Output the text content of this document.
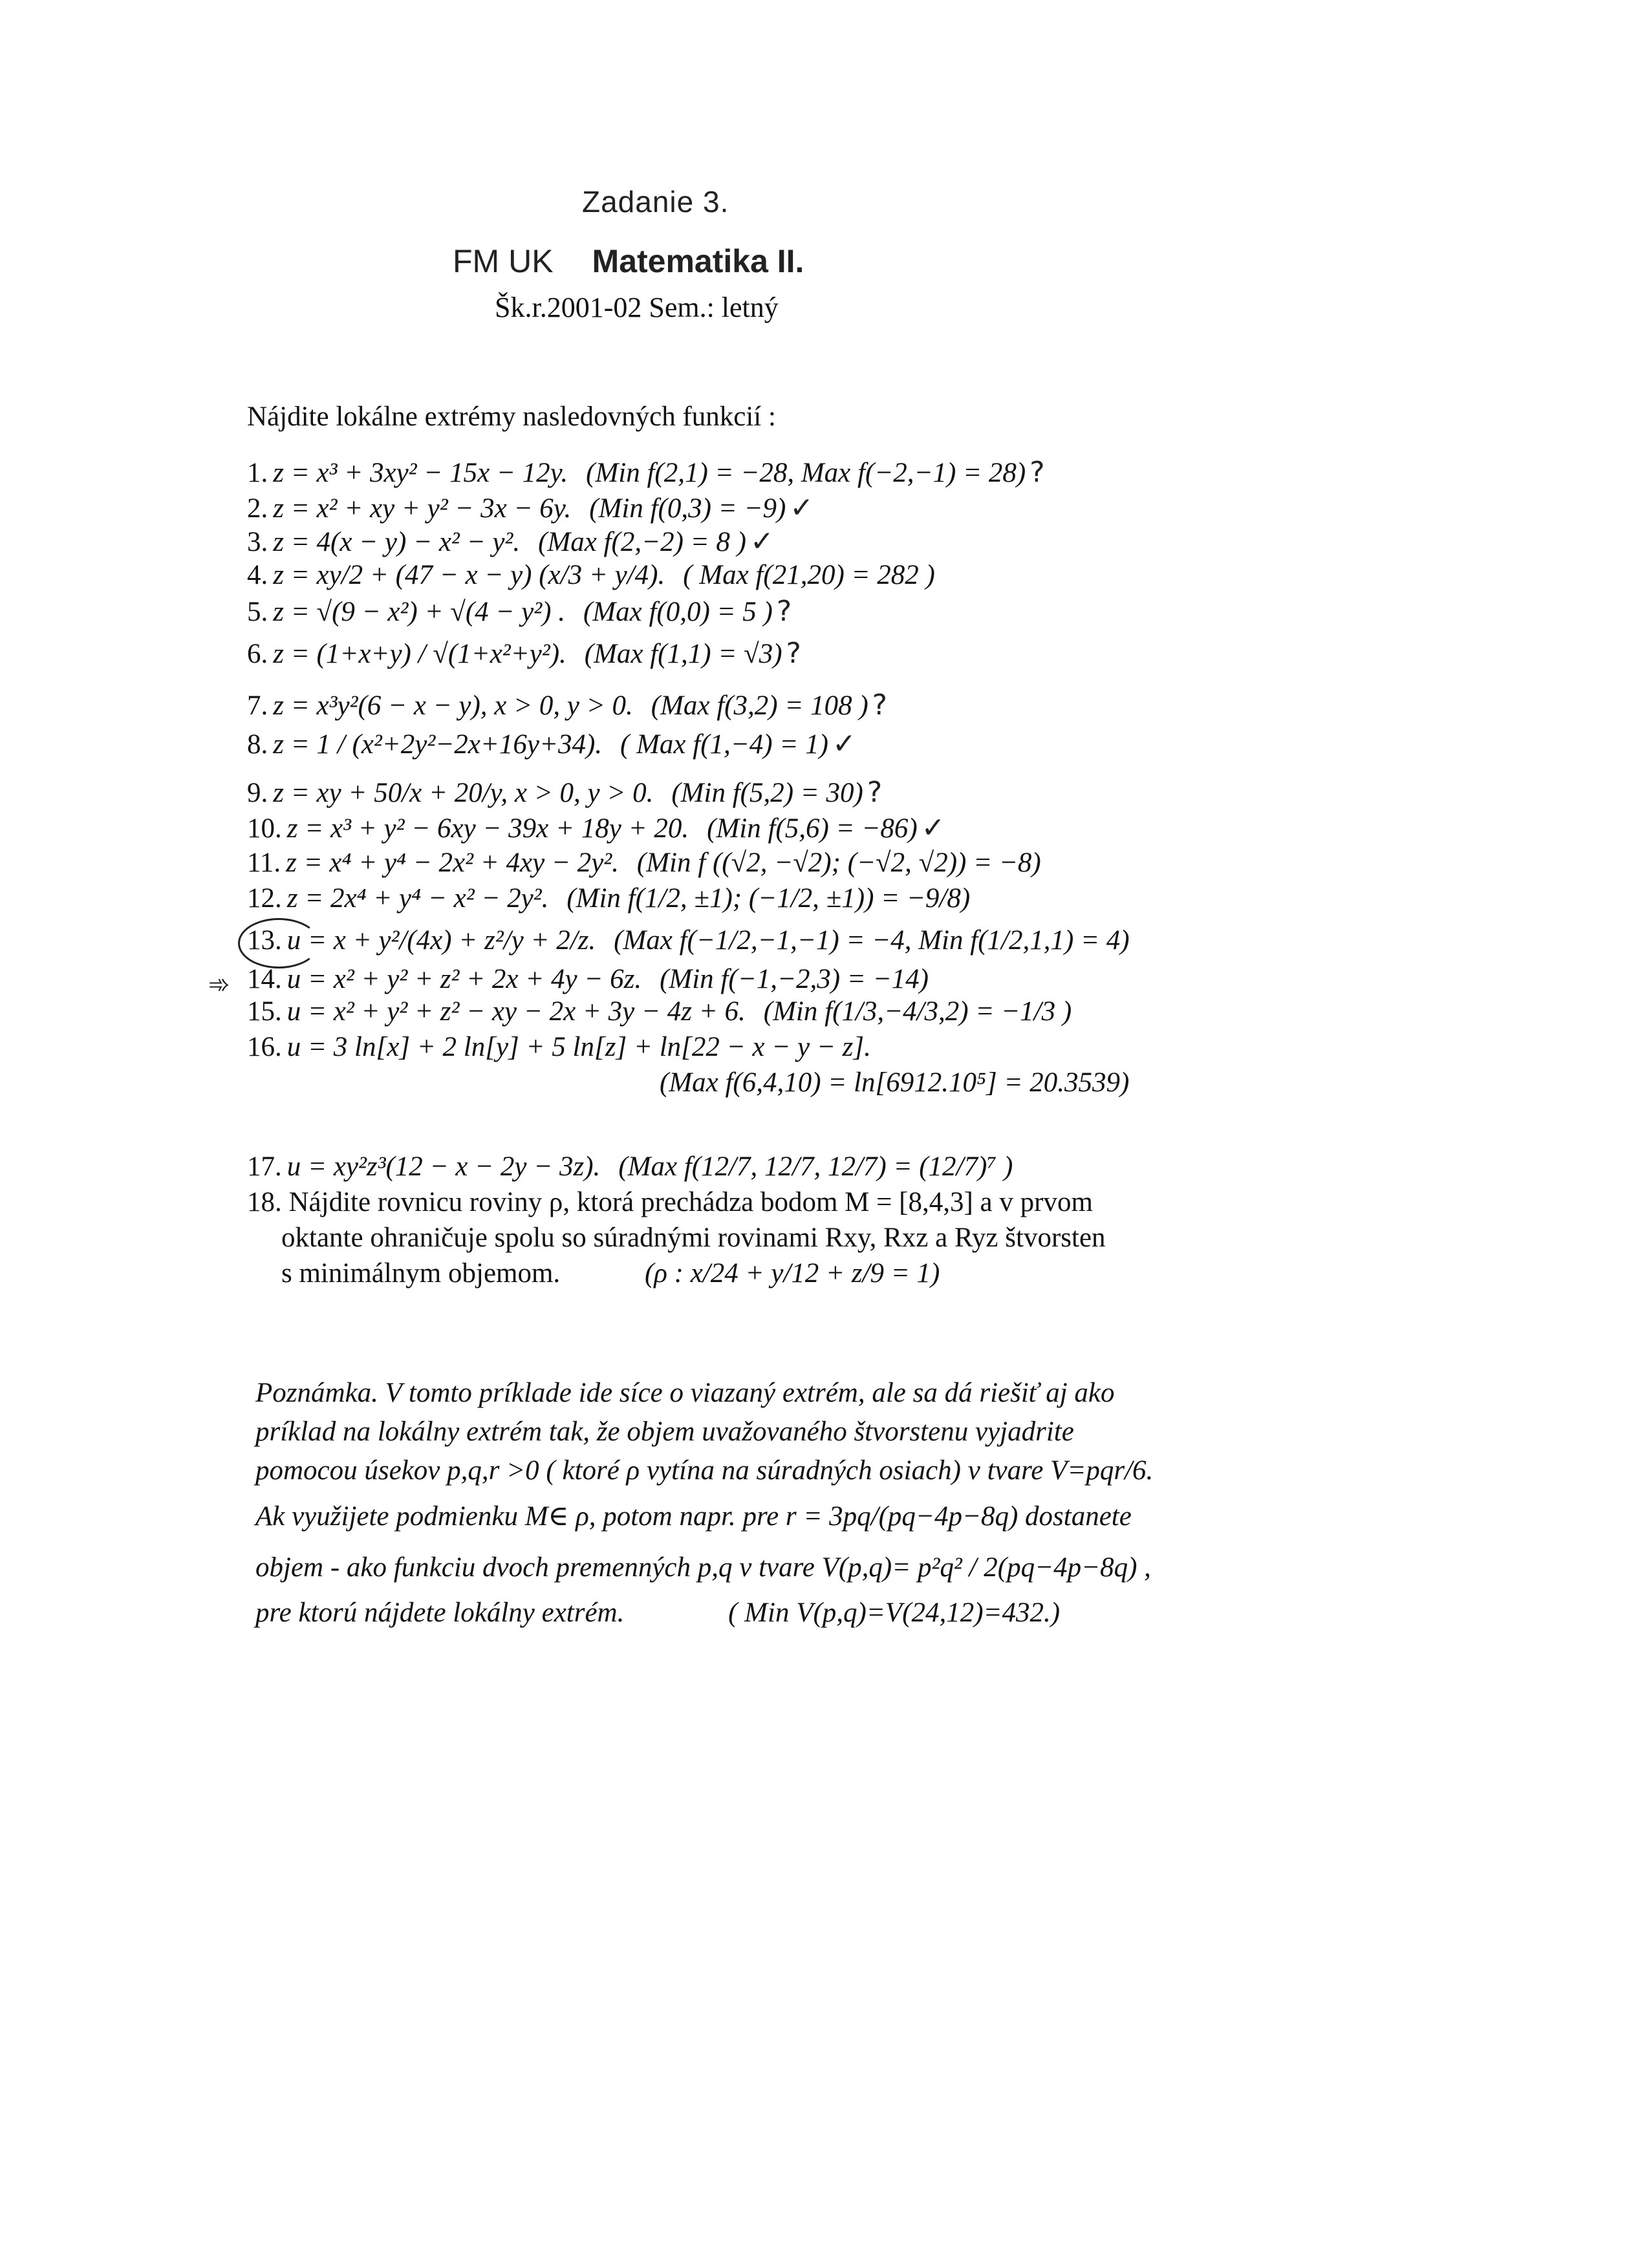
Zadanie 3.
FM UK Matematika II.
Šk.r.2001-02 Sem.: letný
Nájdite lokálne extrémy nasledovných funkcií :
1. z = x³ + 3xy² − 15x − 12y. (Min f(2,1) = −28, Max f(−2,−1) = 28) ?
2. z = x² + xy + y² − 3x − 6y. (Min f(0,3) = −9) ✓
3. z = 4(x − y) − x² − y². (Max f(2,−2) = 8 ) ✓
4. z = xy/2 + (47 − x − y) (x/3 + y/4). ( Max f(21,20) = 282 )
5. z = √(9 − x²) + √(4 − y²) . (Max f(0,0) = 5 ) ?
6. z = (1+x+y) / √(1+x²+y²). (Max f(1,1) = √3) ?
7. z = x³y²(6 − x − y), x > 0, y > 0. (Max f(3,2) = 108 ) ?
8. z = 1 / (x²+2y²−2x+16y+34). ( Max f(1,−4) = 1) ✓
9. z = xy + 50/x + 20/y, x > 0, y > 0. (Min f(5,2) = 30) ?
10. z = x³ + y² − 6xy − 39x + 18y + 20. (Min f(5,6) = −86) ✓
11. z = x⁴ + y⁴ − 2x² + 4xy − 2y². (Min f ((√2, −√2); (−√2, √2)) = −8)
12. z = 2x⁴ + y⁴ − x² − 2y². (Min f(1/2, ±1); (−1/2, ±1)) = −9/8)
13. u = x + y²/(4x) + z²/y + 2/z. (Max f(−1/2,−1,−1) = −4, Min f(1/2,1,1) = 4)
14. u = x² + y² + z² + 2x + 4y − 6z. (Min f(−1,−2,3) = −14)
15. u = x² + y² + z² − xy − 2x + 3y − 4z + 6. (Min f(1/3,−4/3,2) = −1/3 )
(Max f(6,4,10) = ln[6912.10⁵] = 20.3539)
16. u = 3 ln[x] + 2 ln[y] + 5 ln[z] + ln[22 − x − y − z].
17. u = xy²z³(12 − x − 2y − 3z). (Max f(12/7, 12/7, 12/7) = (12/7)⁷ )
➾
18. Nájdite rovnicu roviny ρ, ktorá prechádza bodom M = [8,4,3] a v prvom
oktante ohraničuje spolu so súradnými rovinami Rxy, Rxz a Ryz štvorsten
s minimálnym objemom.	(ρ : x/24 + y/12 + z/9 = 1)
Poznámka. V tomto príklade ide síce o viazaný extrém, ale sa dá riešiť aj ako
príklad na lokálny extrém tak, že objem uvažovaného štvorstenu vyjadrite
pomocou úsekov p,q,r >0 ( ktoré ρ vytína na súradných osiach) v tvare V=pqr/6.
Ak využijete podmienku M∈ ρ, potom napr. pre r = 3pq/(pq−4p−8q) dostanete
objem - ako funkciu dvoch premenných p,q v tvare V(p,q)= p²q² / 2(pq−4p−8q) ,
pre ktorú nájdete lokálny extrém.	( Min V(p,q)=V(24,12)=432.)
